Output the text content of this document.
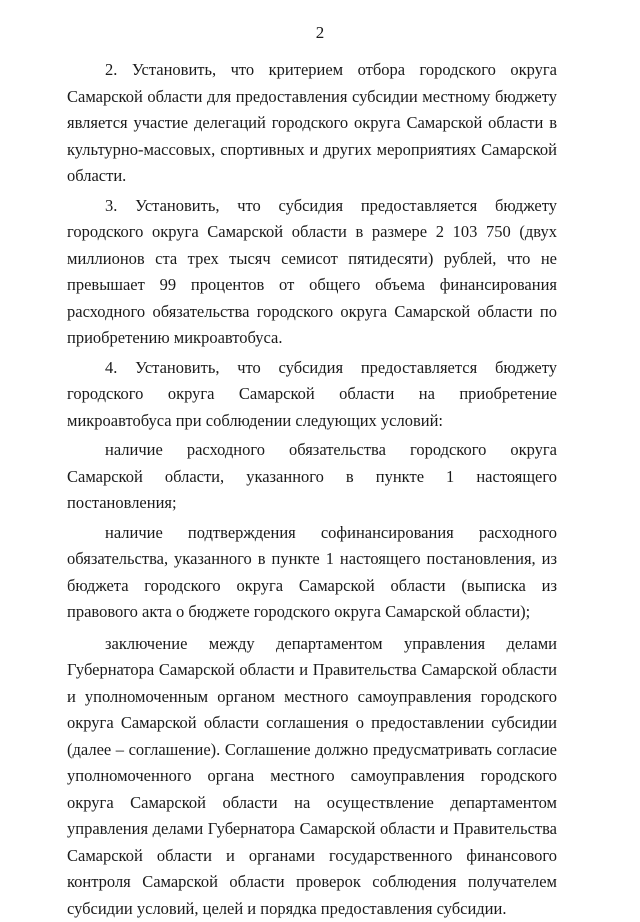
2

2. Установить, что критерием отбора городского округа Самарской области для предоставления субсидии местному бюджету является участие делегаций городского округа Самарской области в культурно-массовых, спортивных и других мероприятиях Самарской области.

3. Установить, что субсидия предоставляется бюджету городского округа Самарской области в размере 2 103 750 (двух миллионов ста трех тысяч семисот пятидесяти) рублей, что не превышает 99 процентов от общего объема финансирования расходного обязательства городского округа Самарской области по приобретению микроавтобуса.

4. Установить, что субсидия предоставляется бюджету городского округа Самарской области на приобретение микроавтобуса при соблюдении следующих условий:

наличие расходного обязательства городского округа Самарской области, указанного в пункте 1 настоящего постановления;

наличие подтверждения софинансирования расходного обязательства, указанного в пункте 1 настоящего постановления, из бюджета городского округа Самарской области (выписка из правового акта о бюджете городского округа Самарской области);

заключение между департаментом управления делами Губернатора Самарской области и Правительства Самарской области и уполномоченным органом местного самоуправления городского округа Самарской области соглашения о предоставлении субсидии (далее – соглашение). Соглашение должно предусматривать согласие уполномоченного органа местного самоуправления городского округа Самарской области на осуществление департаментом управления делами Губернатора Самарской области и Правительства Самарской области и органами государственного финансового контроля Самарской области проверок соблюдения получателем субсидии условий, целей и порядка предоставления субсидии.
